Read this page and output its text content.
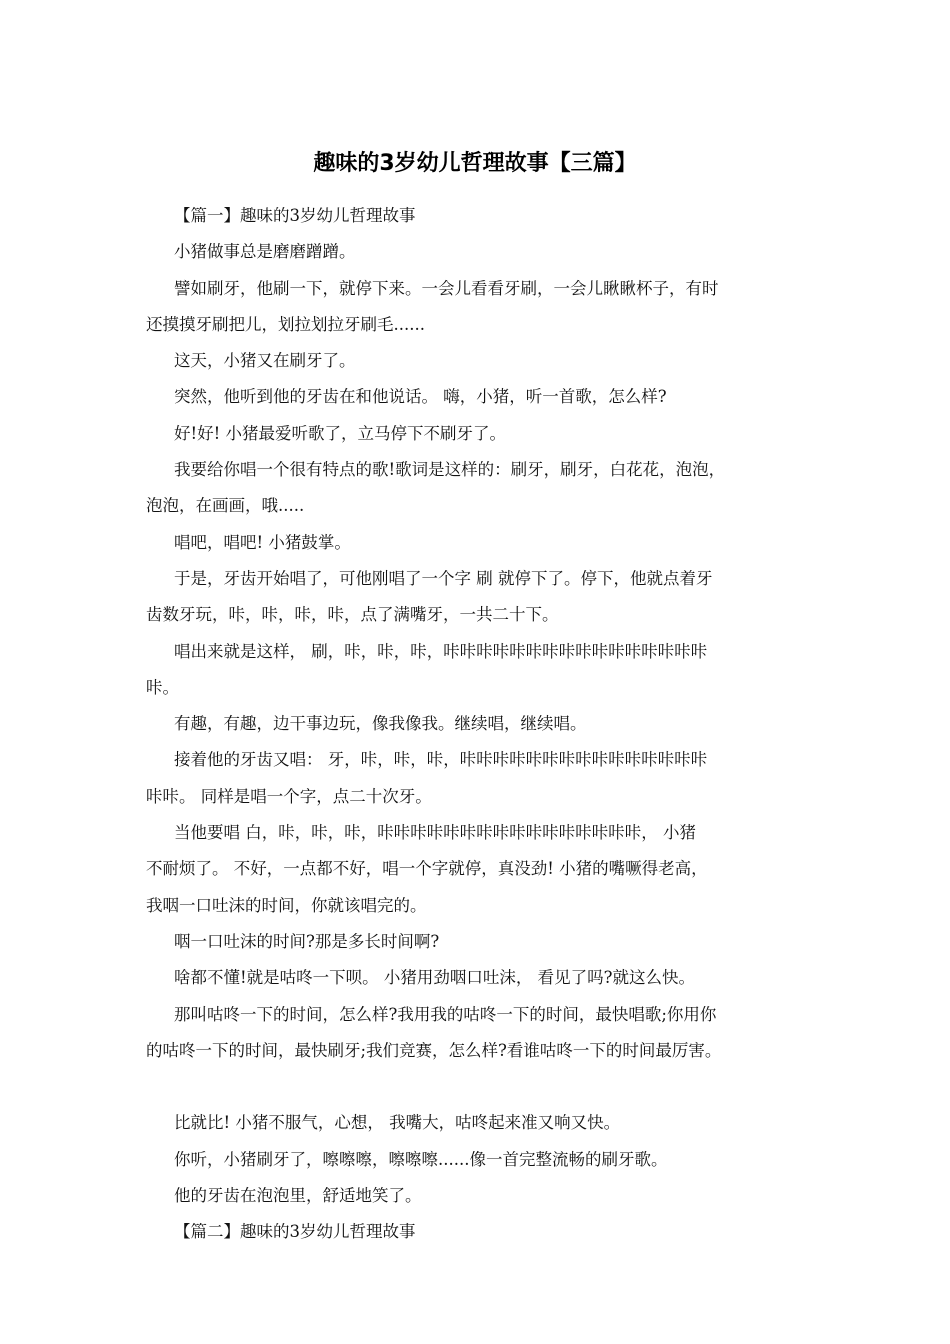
趣味的3岁幼儿哲理故事【三篇】
【篇一】趣味的3岁幼儿哲理故事
小猪做事总是磨磨蹭蹭。
譬如刷牙，他刷一下，就停下来。一会儿看看牙刷，一会儿瞅瞅杯子，有时
还摸摸牙刷把儿，划拉划拉牙刷毛......
这天，小猪又在刷牙了。
突然，他听到他的牙齿在和他说话。 嗨，小猪，听一首歌，怎么样?
好!好! 小猪最爱听歌了，立马停下不刷牙了。
我要给你唱一个很有特点的歌!歌词是这样的：刷牙，刷牙，白花花，泡泡，
泡泡，在画画，哦.....
唱吧，唱吧! 小猪鼓掌。
于是，牙齿开始唱了，可他刚唱了一个字 刷 就停下了。停下，他就点着牙
齿数牙玩，咔，咔，咔，咔，点了满嘴牙，一共二十下。
唱出来就是这样， 刷，咔，咔，咔，咔咔咔咔咔咔咔咔咔咔咔咔咔咔咔咔
咔。
有趣，有趣，边干事边玩，像我像我。继续唱，继续唱。
接着他的牙齿又唱： 牙，咔，咔，咔，咔咔咔咔咔咔咔咔咔咔咔咔咔咔咔
咔咔。 同样是唱一个字，点二十次牙。
当他要唱 白，咔，咔，咔，咔咔咔咔咔咔咔咔咔咔咔咔咔咔咔咔， 小猪
不耐烦了。 不好，一点都不好，唱一个字就停，真没劲! 小猪的嘴噘得老高，
我咽一口吐沫的时间，你就该唱完的。
咽一口吐沫的时间?那是多长时间啊?
啥都不懂!就是咕咚一下呗。 小猪用劲咽口吐沫， 看见了吗?就这么快。
那叫咕咚一下的时间，怎么样?我用我的咕咚一下的时间，最快唱歌;你用你
的咕咚一下的时间，最快刷牙;我们竞赛，怎么样?看谁咕咚一下的时间最厉害。
比就比! 小猪不服气，心想， 我嘴大，咕咚起来准又响又快。
你听，小猪刷牙了，嚓嚓嚓，嚓嚓嚓......像一首完整流畅的刷牙歌。
他的牙齿在泡泡里，舒适地笑了。
【篇二】趣味的3岁幼儿哲理故事
